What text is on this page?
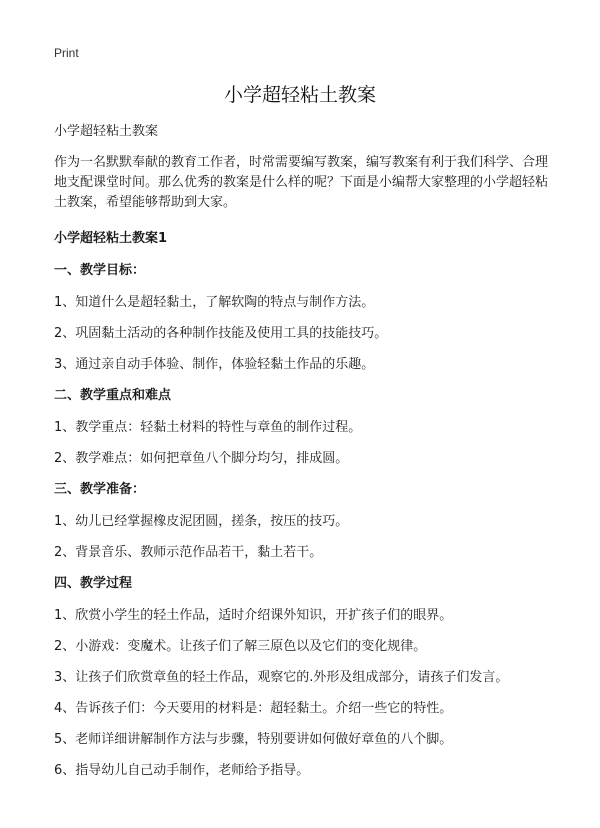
Print
小学超轻粘土教案

小学超轻粘土教案

作为一名默默奉献的教育工作者，时常需要编写教案，编写教案有利于我们科学、合理地支配课堂时间。那么优秀的教案是什么样的呢？下面是小编帮大家整理的小学超轻粘土教案，希望能够帮助到大家。

小学超轻粘土教案1
一、教学目标：
1、知道什么是超轻黏土，了解软陶的特点与制作方法。
2、巩固黏土活动的各种制作技能及使用工具的技能技巧。
3、通过亲自动手体验、制作，体验轻黏土作品的乐趣。
二、教学重点和难点
1、教学重点：轻黏土材料的特性与章鱼的制作过程。
2、教学难点：如何把章鱼八个脚分均匀，排成圆。
三、教学准备：
1、幼儿已经掌握橡皮泥团圆，搓条，按压的技巧。
2、背景音乐、教师示范作品若干，黏土若干。
四、教学过程
1、欣赏小学生的轻土作品，适时介绍课外知识，开扩孩子们的眼界。
2、小游戏：变魔术。让孩子们了解三原色以及它们的变化规律。
3、让孩子们欣赏章鱼的轻土作品，观察它的.外形及组成部分，请孩子们发言。
4、告诉孩子们：今天要用的材料是：超轻黏土。介绍一些它的特性。
5、老师详细讲解制作方法与步骤，特别要讲如何做好章鱼的八个脚。
6、指导幼儿自己动手制作，老师给予指导。
